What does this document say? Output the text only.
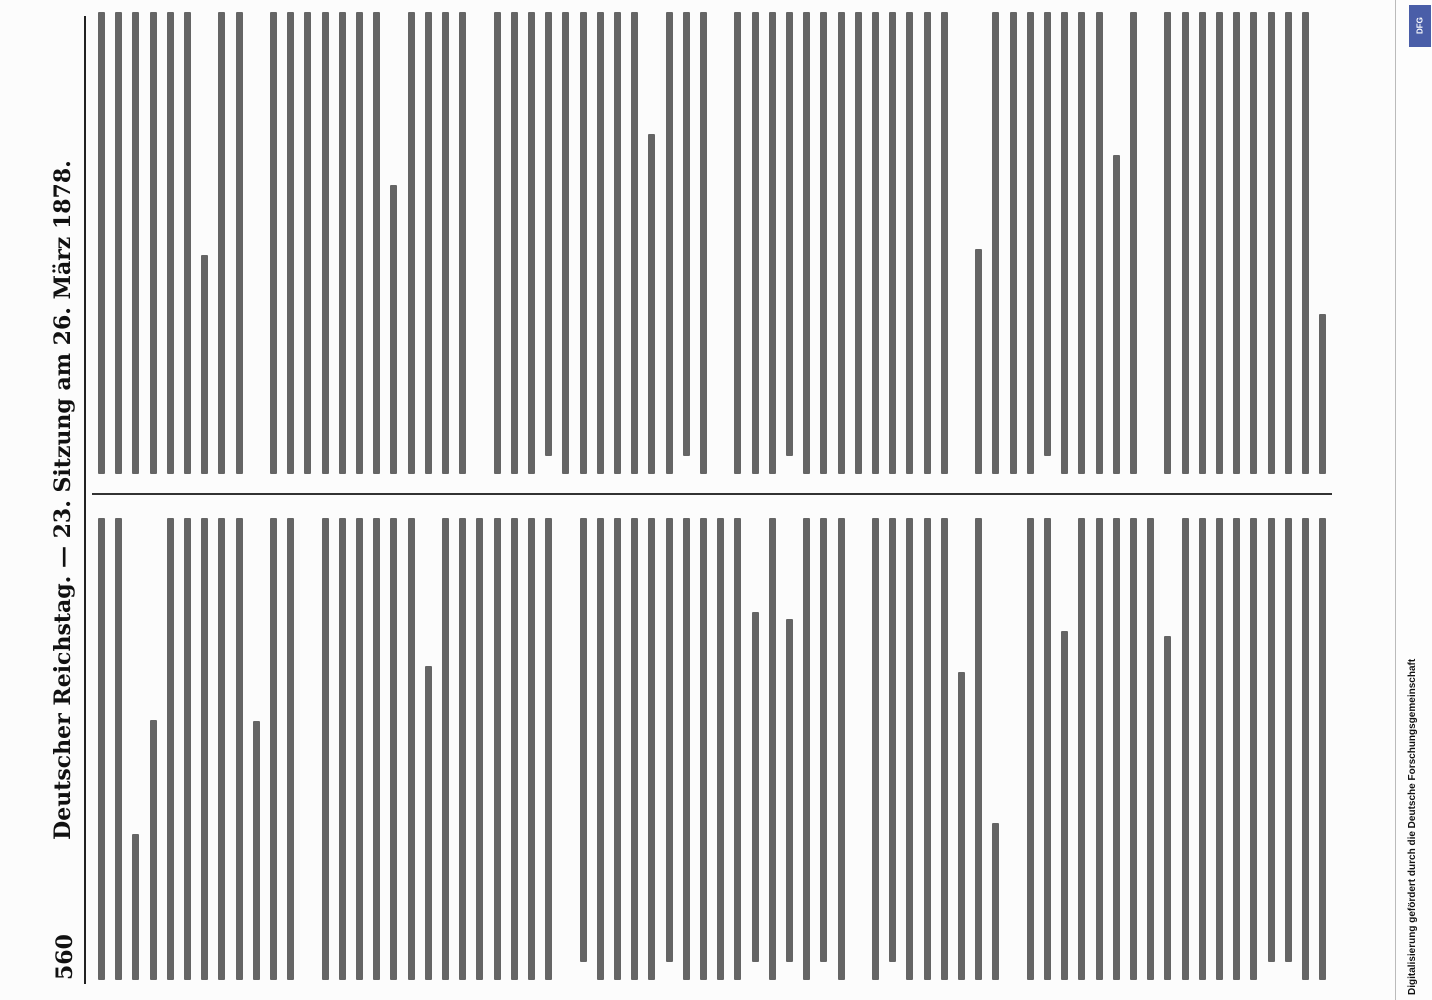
560
Deutscher Reichstag. — 23. Sitzung am 26. März 1878.	Digitalisierung gefördert durch die Deutsche Forschungsgemeinschaft
DFG
